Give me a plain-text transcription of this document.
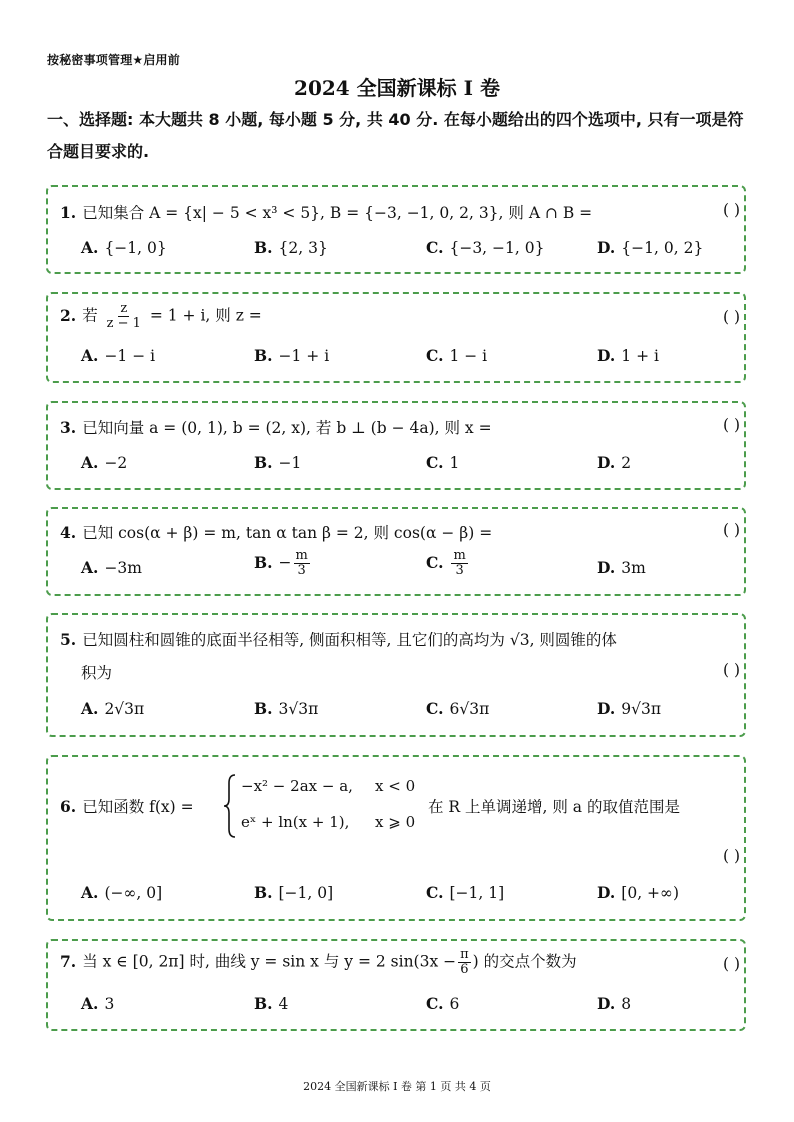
按秘密事项管理★启用前
2024 全国新课标 I 卷
一、选择题: 本大题共 8 小题, 每小题 5 分, 共 40 分. 在每小题给出的四个选项中, 只有一项是符合题目要求的.
1. 已知集合 A = {x| − 5 < x³ < 5}, B = {−3, −1, 0, 2, 3}, 则 A ∩ B =	( )
A. {−1, 0}	B. {2, 3}	C. {−3, −1, 0}	D. {−1, 0, 2}
2. 若 $\frac{z}{z - 1} = 1 + i$, 则 z =	( )
A. −1 − i	B. −1 + i	C. 1 − i	D. 1 + i
3. 已知向量 a = (0, 1), b = (2, x), 若 b ⊥ (b − 4a), 则 x =	( )
A. −2	B. −1	C. 1	D. 2
4. 已知 cos(α + β) = m, tan α tan β = 2, 则 cos(α − β) =	( )
A. −3m	B. − $\frac{m}{3}$	C. $\frac{m}{3}$	D. 3m
5. 已知圆柱和圆锥的底面半径相等, 侧面积相等, 且它们的高均为 √3, 则圆锥的体
积为	( )
A. 2√3π	B. 3√3π	C. 6√3π	D. 9√3π
6. 已知函数 f(x) =
−x² − 2ax − a, x < 0
eˣ + ln(x + 1), x ⩾ 0
在 R 上单调递增, 则 a 的取值范围是
( )
A. (−∞, 0]	B. [−1, 0]	C. [−1, 1]	D. [0, +∞)
7. 当 x ∈ [0, 2π] 时, 曲线 y = sin x 与 y = 2 $\sin(3x - \frac{\pi}{6}$ ) 的交点个数为	( )
A. 3	B. 4	C. 6	D. 8
2024 全国新课标 I 卷 第 1 页 共 4 页
